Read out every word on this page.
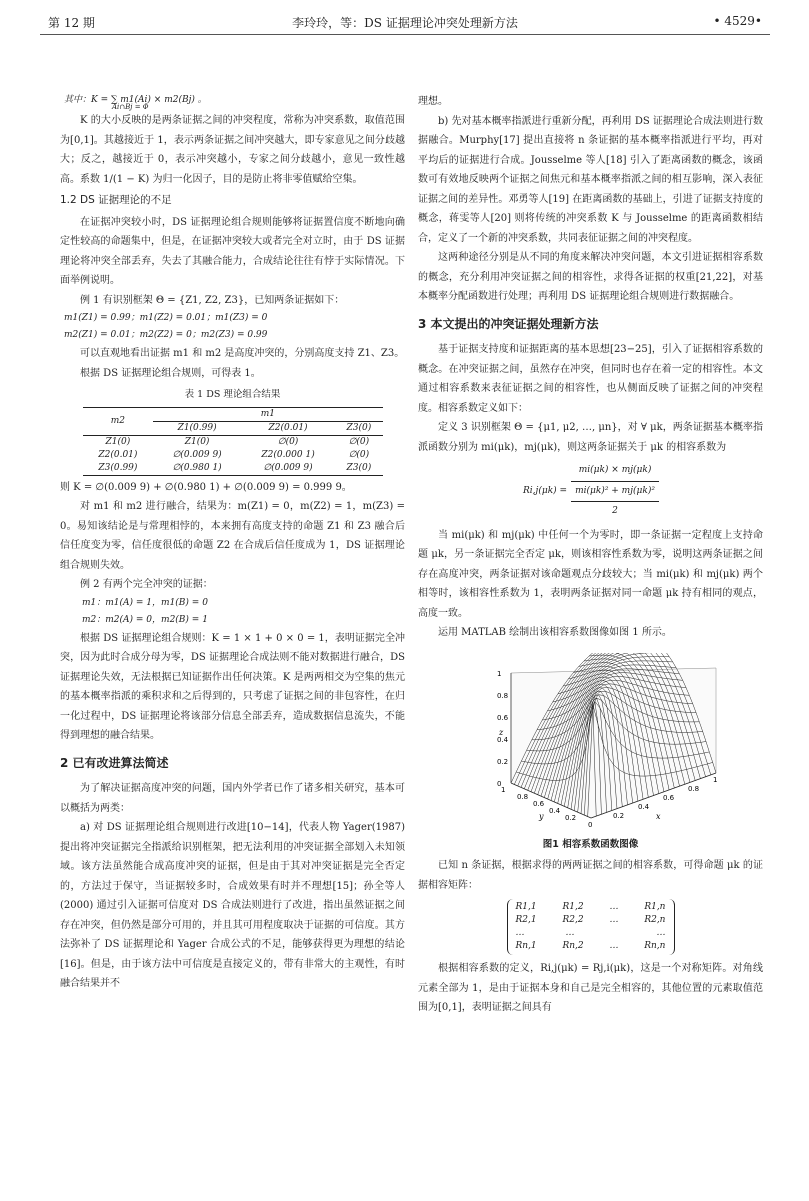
第 12 期	李玲玲，等：DS 证据理论冲突处理新方法	• 4529•

其中：K = ∑ m1(Ai) × m2(Bj) 。

Ai∩Bj = Φ

K 的大小反映的是两条证据之间的冲突程度，常称为冲突系数，取值范围为[0,1]。其越接近于 1，表示两条证据之间冲突越大，即专家意见之间分歧越大；反之，越接近于 0，表示冲突越小，专家之间分歧越小，意见一致性越高。系数 1/(1 − K) 为归一化因子，目的是防止将非零值赋给空集。

1.2 DS 证据理论的不足

在证据冲突较小时，DS 证据理论组合规则能够将证据置信度不断地向确定性较高的命题集中，但是，在证据冲突较大或者完全对立时，由于 DS 证据理论将冲突全部丢弃，失去了其融合能力，合成结论往往有悖于实际情况。下面举例说明。

例 1 有识别框架 Θ = {Z1, Z2, Z3}，已知两条证据如下：

m1(Z1) = 0.99；m1(Z2) = 0.01；m1(Z3) = 0

m2(Z1) = 0.01；m2(Z2) = 0；m2(Z3) = 0.99

可以直观地看出证据 m1 和 m2 是高度冲突的，分别高度支持 Z1、Z3。

根据 DS 证据理论组合规则，可得表 1。

表 1 DS 理论组合结果
m2	m1		
	Z1(0.99)	Z2(0.01)	Z3(0)
Z1(0)	Z1(0)	∅(0)	∅(0)
Z2(0.01)	∅(0.009 9)	Z2(0.000 1)	∅(0)
Z3(0.99)	∅(0.980 1)	∅(0.009 9)	Z3(0)

则 K = ∅(0.009 9) + ∅(0.980 1) + ∅(0.009 9) = 0.999 9。

对 m1 和 m2 进行融合，结果为：m(Z1) = 0，m(Z2) = 1，m(Z3) = 0。易知该结论是与常理相悖的，本来拥有高度支持的命题 Z1 和 Z3 融合后信任度变为零，信任度很低的命题 Z2 在合成后信任度成为 1，DS 证据理论组合规则失效。

例 2 有两个完全冲突的证据：

m1：m1(A) = 1，m1(B) = 0

m2：m2(A) = 0，m2(B) = 1

根据 DS 证据理论组合规则：K = 1 × 1 + 0 × 0 = 1，表明证据完全冲突，因为此时合成分母为零，DS 证据理论合成法则不能对数据进行融合，DS 证据理论失效，无法根据已知证据作出任何决策。K 是两两相交为空集的焦元的基本概率指派的乘积求和之后得到的，只考虑了证据之间的非包容性，在归一化过程中，DS 证据理论将该部分信息全部丢弃，造成数据信息流失，不能得到理想的融合结果。

2 已有改进算法简述

为了解决证据高度冲突的问题，国内外学者已作了诸多相关研究，基本可以概括为两类：

a) 对 DS 证据理论组合规则进行改进[10−14]，代表人物 Yager(1987) 提出将冲突证据完全指派给识别框架，把无法利用的冲突证据全部划入未知领域。该方法虽然能合成高度冲突的证据，但是由于其对冲突证据是完全否定的，方法过于保守，当证据较多时，合成效果有时并不理想[15]；孙全等人(2000) 通过引入证据可信度对 DS 合成法则进行了改进，指出虽然证据之间存在冲突，但仍然是部分可用的，并且其可用程度取决于证据的可信度。其方法弥补了 DS 证据理论和 Yager 合成公式的不足，能够获得更为理想的结论[16]。但是，由于该方法中可信度是直接定义的，带有非常大的主观性，有时融合结果并不

理想。

b) 先对基本概率指派进行重新分配，再利用 DS 证据理论合成法则进行数据融合。Murphy[17] 提出直接将 n 条证据的基本概率指派进行平均，再对平均后的证据进行合成。Jousselme 等人[18] 引入了距离函数的概念，该函数可有效地反映两个证据之间焦元和基本概率指派之间的相互影响，深入表征证据之间的差异性。邓勇等人[19] 在距离函数的基础上，引进了证据支持度的概念，蒋雯等人[20] 则将传统的冲突系数 K 与 Jousselme 的距离函数相结合，定义了一个新的冲突系数，共同表征证据之间的冲突程度。

这两种途径分别是从不同的角度来解决冲突问题，本文引进证据相容系数的概念，充分利用冲突证据之间的相容性，求得各证据的权重[21,22]，对基本概率分配函数进行处理；再利用 DS 证据理论组合规则进行数据融合。

3 本文提出的冲突证据处理新方法

基于证据支持度和证据距离的基本思想[23−25]，引入了证据相容系数的概念。在冲突证据之间，虽然存在冲突，但同时也存在着一定的相容性。本文通过相容系数来表征证据之间的相容性，也从侧面反映了证据之间的冲突程度。相容系数定义如下：

定义 3 识别框架 Θ = {μ1, μ2, …, μn}，对 ∀ μk，两条证据基本概率指派函数分别为 mi(μk)，mj(μk)，则这两条证据关于 μk 的相容系数为

Ri,j(μk) =	mi(μk) × mj(μk)
mi(μk)² + mj(μk)²
2

当 mi(μk) 和 mj(μk) 中任何一个为零时，即一条证据一定程度上支持命题 μk，另一条证据完全否定 μk，则该相容性系数为零，说明这两条证据之间存在高度冲突，两条证据对该命题观点分歧较大；当 mi(μk) 和 mj(μk) 两个相等时，该相容性系数为 1，表明两条证据对同一命题 μk 持有相同的观点，高度一致。

运用 MATLAB 绘制出该相容系数图像如图 1 所示。

1
0.8
0.6
0.4
0.2
0
0
0.2
0.4
0.6
0.8
1
0.2
0.4
0.6
0.8
1
z
y	x
图1 相容系数函数图像

已知 n 条证据，根据求得的两两证据之间的相容系数，可得命题 μk 的证据相容矩阵：

R1,1	R1,2	…	R1,n
R2,1	R2,2	…	R2,n
…	…	…
Rn,1	Rn,2	…	Rn,n

根据相容系数的定义，Ri,j(μk) = Rj,i(μk)，这是一个对称矩阵。对角线元素全部为 1，是由于证据本身和自己是完全相容的，其他位置的元素取值范围为[0,1]，表明证据之间具有
